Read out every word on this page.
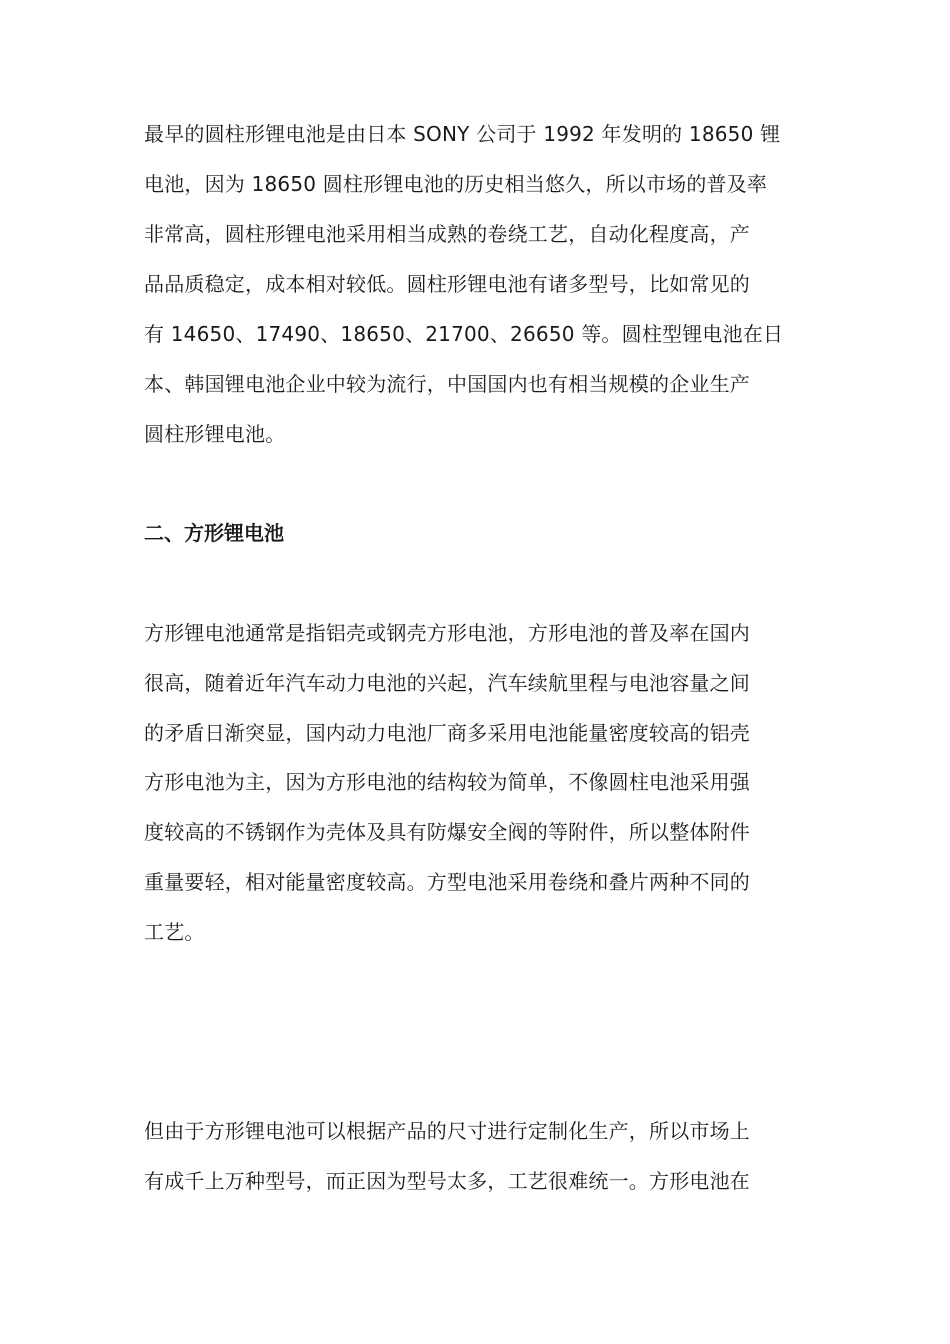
最早的圆柱形锂电池是由日本 SONY 公司于 1992 年发明的 18650 锂
电池，因为 18650 圆柱形锂电池的历史相当悠久，所以市场的普及率
非常高，圆柱形锂电池采用相当成熟的卷绕工艺，自动化程度高，产
品品质稳定，成本相对较低。圆柱形锂电池有诸多型号，比如常见的
有 14650、17490、18650、21700、26650 等。圆柱型锂电池在日
本、韩国锂电池企业中较为流行，中国国内也有相当规模的企业生产
圆柱形锂电池。
二、方形锂电池
方形锂电池通常是指铝壳或钢壳方形电池，方形电池的普及率在国内
很高，随着近年汽车动力电池的兴起，汽车续航里程与电池容量之间
的矛盾日渐突显，国内动力电池厂商多采用电池能量密度较高的铝壳
方形电池为主，因为方形电池的结构较为简单，不像圆柱电池采用强
度较高的不锈钢作为壳体及具有防爆安全阀的等附件，所以整体附件
重量要轻，相对能量密度较高。方型电池采用卷绕和叠片两种不同的
工艺。
但由于方形锂电池可以根据产品的尺寸进行定制化生产，所以市场上
有成千上万种型号，而正因为型号太多，工艺很难统一。方形电池在
